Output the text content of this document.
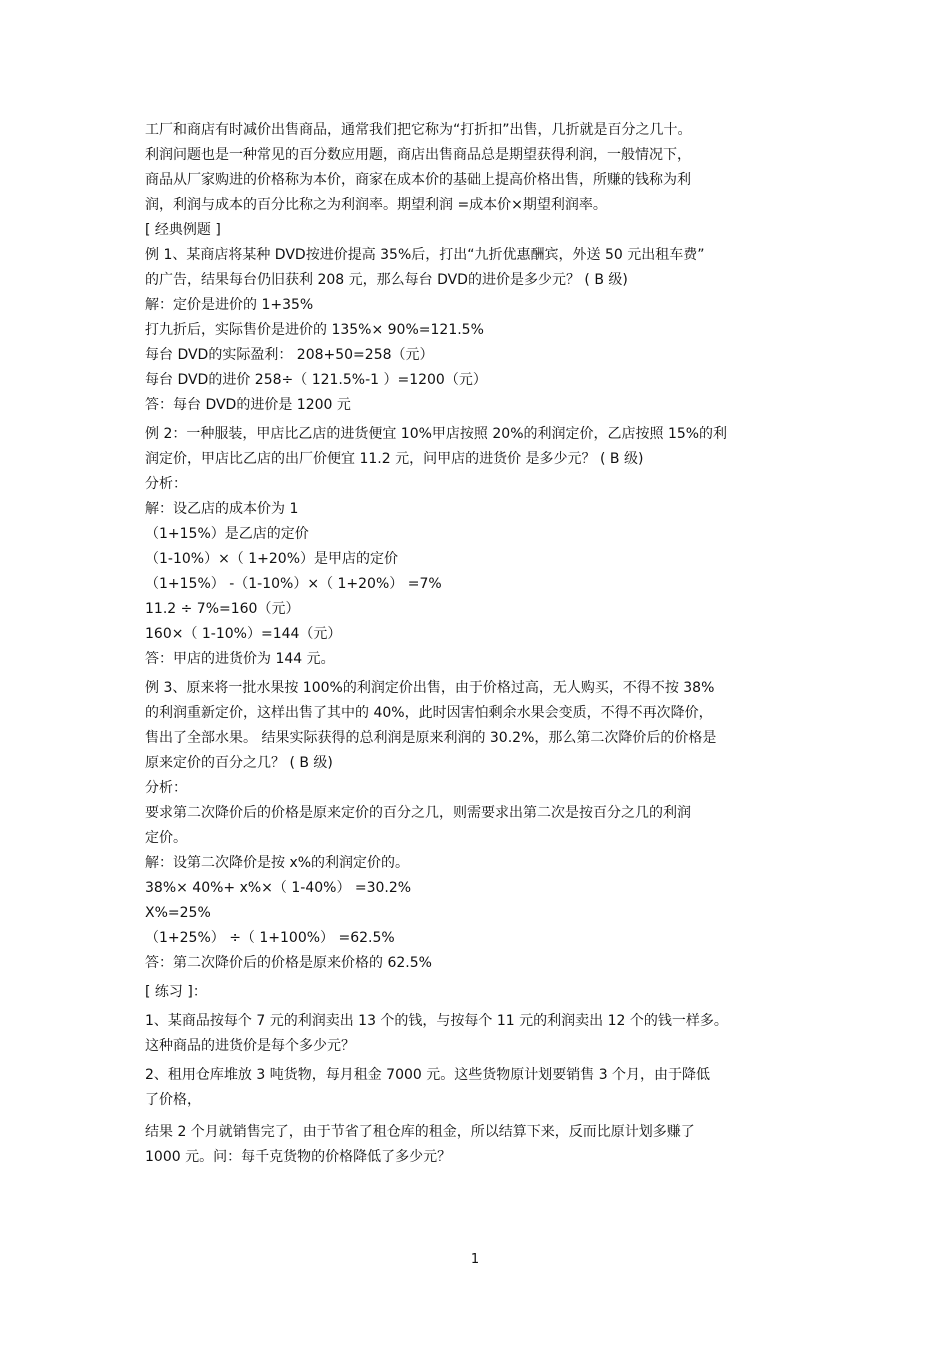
工厂和商店有时减价出售商品，通常我们把它称为“打折扣”出售，几折就是百分之几十。

利润问题也是一种常见的百分数应用题，商店出售商品总是期望获得利润，一般情况下，

商品从厂家购进的价格称为本价，商家在成本价的基础上提高价格出售，所赚的钱称为利

润，利润与成本的百分比称之为利润率。期望利润 =成本价×期望利润率。

[ 经典例题 ]

例 1、某商店将某种 DVD按进价提高 35%后，打出“九折优惠酬宾，外送 50 元出租车费”

的广告，结果每台仍旧获利 208 元，那么每台 DVD的进价是多少元？ ( B 级)

解：定价是进价的 1+35%

打九折后，实际售价是进价的 135%× 90%=121.5%

每台 DVD的实际盈利： 208+50=258（元）

每台 DVD的进价 258÷（ 121.5%-1 ）=1200（元）

答：每台 DVD的进价是 1200 元

例 2：一种服装，甲店比乙店的进货便宜 10%甲店按照 20%的利润定价，乙店按照 15%的利

润定价，甲店比乙店的出厂价便宜 11.2 元，问甲店的进货价 是多少元？ ( B 级)

分析：

解：设乙店的成本价为 1

（1+15%）是乙店的定价

（1-10%）×（ 1+20%）是甲店的定价

（1+15%） -（1-10%）×（ 1+20%） =7%

11.2 ÷ 7%=160（元）

160×（ 1-10%）=144（元）

答：甲店的进货价为 144 元。

例 3、原来将一批水果按 100%的利润定价出售，由于价格过高，无人购买，不得不按 38%

的利润重新定价，这样出售了其中的 40%，此时因害怕剩余水果会变质，不得不再次降价，

售出了全部水果。 结果实际获得的总利润是原来利润的 30.2%，那么第二次降价后的价格是

原来定价的百分之几？ ( B 级)

分析：

要求第二次降价后的价格是原来定价的百分之几，则需要求出第二次是按百分之几的利润

定价。

解：设第二次降价是按 x%的利润定价的。

38%× 40%+ x%×（ 1-40%） =30.2%

X%=25%

（1+25%） ÷（ 1+100%） =62.5%

答：第二次降价后的价格是原来价格的 62.5%

[ 练习 ]：

1、某商品按每个 7 元的利润卖出 13 个的钱，与按每个 11 元的利润卖出 12 个的钱一样多。

这种商品的进货价是每个多少元？

2、租用仓库堆放 3 吨货物，每月租金 7000 元。这些货物原计划要销售 3 个月，由于降低

了价格，

结果 2 个月就销售完了，由于节省了租仓库的租金，所以结算下来，反而比原计划多赚了

1000 元。问：每千克货物的价格降低了多少元？

1
